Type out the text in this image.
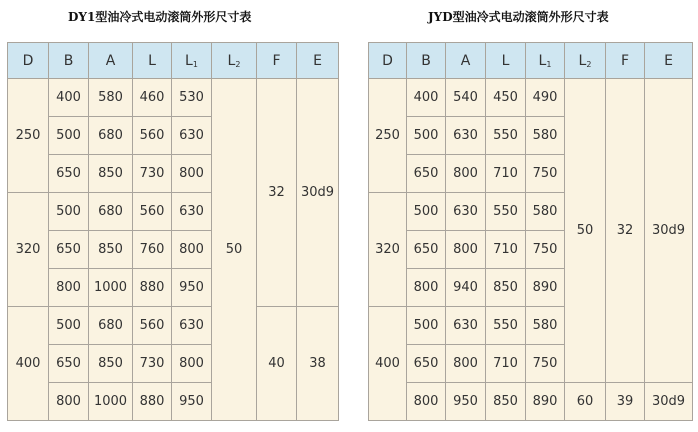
DY1型油冷式电动滚筒外形尺寸表	JYD型油冷式电动滚筒外形尺寸表
D	B	A	L	$L_1$	$L_2$	F	E
250	400	580	460	530	50	32	30d9
	500	680	560	630			
	650	850	730	800			
320	500	680	560	630			
	650	850	760	800			
	800	1000	880	950			
400	500	680	560	630		40	38
	650	850	730	800			
	800	1000	880	950			
D	B	A	L	$L_1$	$L_2$	F	E
250	400	540	450	490	50	32	30d9
	500	630	550	580			
	650	800	710	750			
320	500	630	550	580			
	650	800	710	750			
	800	940	850	890			
400	500	630	550	580			
	650	800	710	750			
	800	950	850	890	60	39	30d9
